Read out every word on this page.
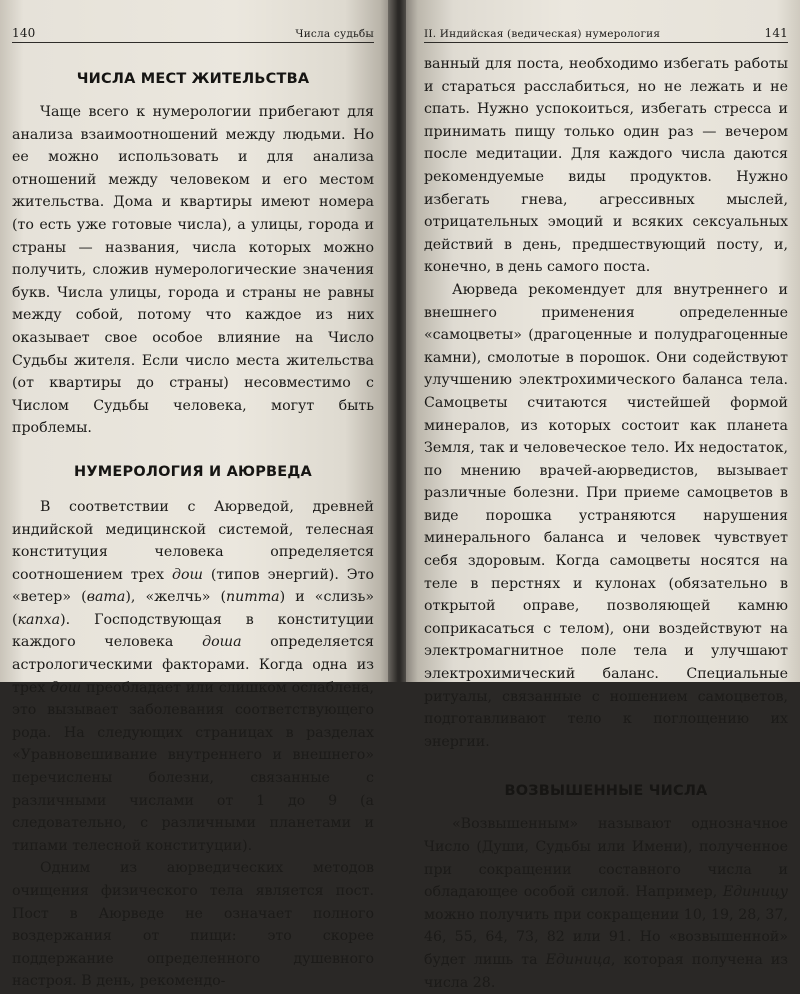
140	Числа судьбы
ЧИСЛА МЕСТ ЖИТЕЛЬСТВА

Чаще всего к нумерологии прибегают для анализа взаимоотношений между людьми. Но ее можно использовать и для анализа отношений между человеком и его местом жительства. Дома и квартиры имеют номера (то есть уже готовые числа), а улицы, города и страны — названия, числа которых можно получить, сложив нумерологические значения букв. Числа улицы, города и страны не равны между собой, потому что каждое из них оказывает свое особое влияние на Число Судьбы жителя. Если число места жительства (от квартиры до страны) несовместимо с Числом Судьбы человека, могут быть проблемы.

НУМЕРОЛОГИЯ И АЮРВЕДА

В соответствии с Аюрведой, древней индийской медицинской системой, телесная конституция человека определяется соотношением трех дош (типов энергий). Это «ветер» (вата), «желчь» (питта) и «слизь» (капха). Господствующая в конституции каждого человека доша определяется астрологическими факторами. Когда одна из трех дош преобладает или слишком ослаблена, это вызывает заболевания соответствующего рода. На следующих страницах в разделах «Уравновешивание внутреннего и внешнего» перечислены болезни, связанные с различными числами от 1 до 9 (а следовательно, с различными планетами и типами телесной конституции).

Одним из аюрведических методов очищения физического тела является пост. Пост в Аюрведе не означает полного воздержания от пищи: это скорее поддержание определенного душевного настроя. В день, рекомендо-

II. Индийская (ведическая) нумерология	141

ванный для поста, необходимо избегать работы и стараться расслабиться, но не лежать и не спать. Нужно успокоиться, избегать стресса и принимать пищу только один раз — вечером после медитации. Для каждого числа даются рекомендуемые виды продуктов. Нужно избегать гнева, агрессивных мыслей, отрицательных эмоций и всяких сексуальных действий в день, предшествующий посту, и, конечно, в день самого поста.

Аюрведа рекомендует для внутреннего и внешнего применения определенные «самоцветы» (драгоценные и полудрагоценные камни), смолотые в порошок. Они содействуют улучшению электрохимического баланса тела. Самоцветы считаются чистейшей формой минералов, из которых состоит как планета Земля, так и человеческое тело. Их недостаток, по мнению врачей-аюрведистов, вызывает различные болезни. При приеме самоцветов в виде порошка устраняются нарушения минерального баланса и человек чувствует себя здоровым. Когда самоцветы носятся на теле в перстнях и кулонах (обязательно в открытой оправе, позволяющей камню соприкасаться с телом), они воздействуют на электромагнитное поле тела и улучшают электрохимический баланс. Специальные ритуалы, связанные с ношением самоцветов, подготавливают тело к поглощению их энергии.

ВОЗВЫШЕННЫЕ ЧИСЛА

«Возвышенным» называют однозначное Число (Души, Судьбы или Имени), полученное при сокращении составного числа и обладающее особой силой. Например, Единицу можно получить при сокращении 10, 19, 28, 37, 46, 55, 64, 73, 82 или 91. Но «возвышенной» будет лишь та Единица, которая получена из числа 28.
